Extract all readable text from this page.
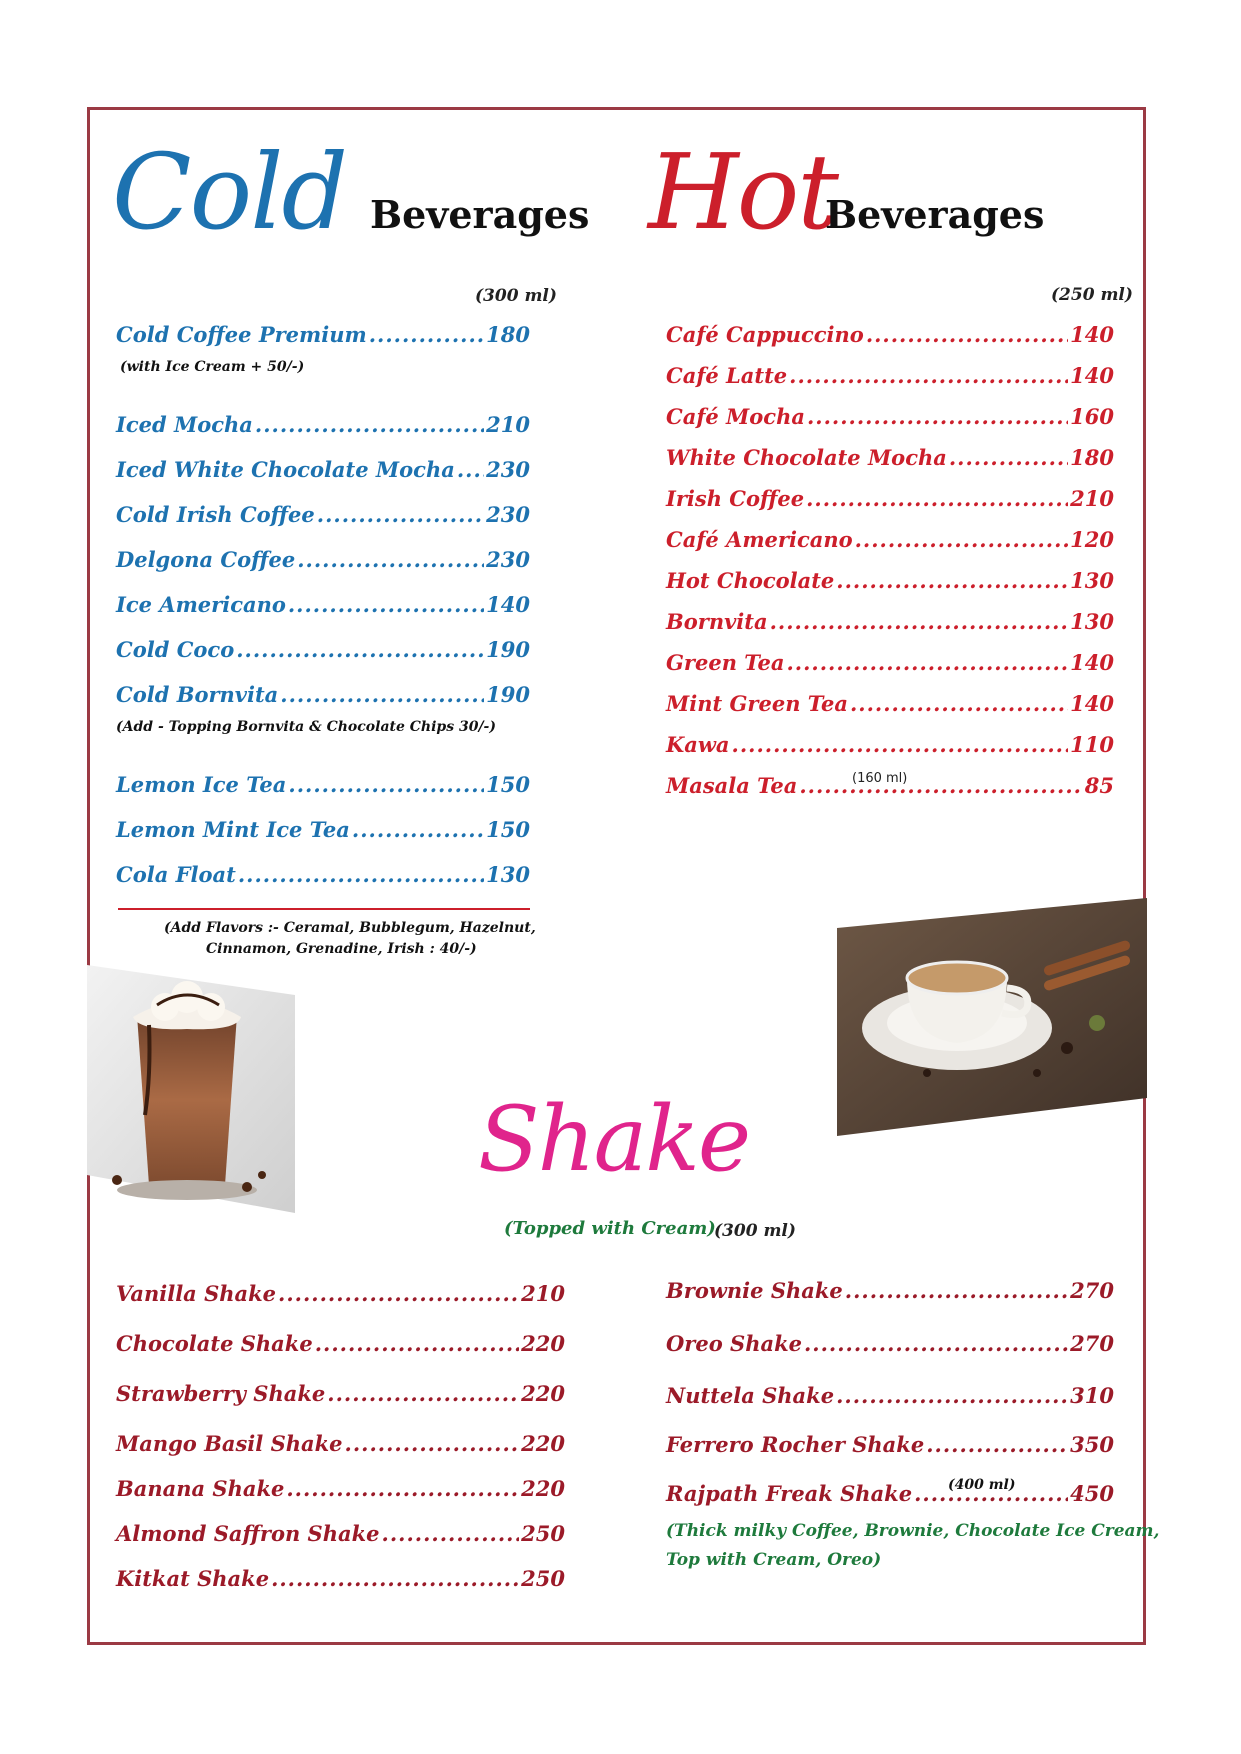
Cold Beverages
(300 ml)
Hot
Beverages
(250 ml)
Cold Coffee Premium .....	180
(with Ice Cream + 50/-)
Iced Mocha .....	210
Iced White Chocolate Mocha ..... 230
Cold Irish Coffee .....	230
Delgona Coffee .....	230
Ice Americano .....	140
Cold Coco .....	190
Cold Bornvita .....	190
(Add - Topping Bornvita & Chocolate Chips 30/-)
Lemon Ice Tea .....	150
Lemon Mint Ice Tea .....	150
Cola Float .....	130
(Add Flavors :- Ceramal, Bubblegum, Hazelnut,
Cinnamon, Grenadine, Irish : 40/-)
Café Cappuccino .....	140
Café Latte .....	140
Café Mocha .....	160
White Chocolate Mocha .....	180
Irish Coffee .....	210
Café Americano .....	120
Hot Chocolate .....	130
Bornvita .....	130
Green Tea .....	140
Mint Green Tea .....	140
Kawa .....	110
Masala Tea .....	85
(160 ml)
Shake
(Topped with Cream)
(300 ml)
Vanilla Shake .....	210
Chocolate Shake .....	220
Strawberry Shake .....	220
Mango Basil Shake .....	220
Banana Shake .....	220
Almond Saffron Shake .....	250
Kitkat Shake .....	250
Brownie Shake .....	270
Oreo Shake .....	270
Nuttela Shake .....	310
Ferrero Rocher Shake .....	350
Rajpath Freak Shake .....	450
(400 ml)
(Thick milky Coffee, Brownie, Chocolate Ice Cream,
Top with Cream, Oreo)
